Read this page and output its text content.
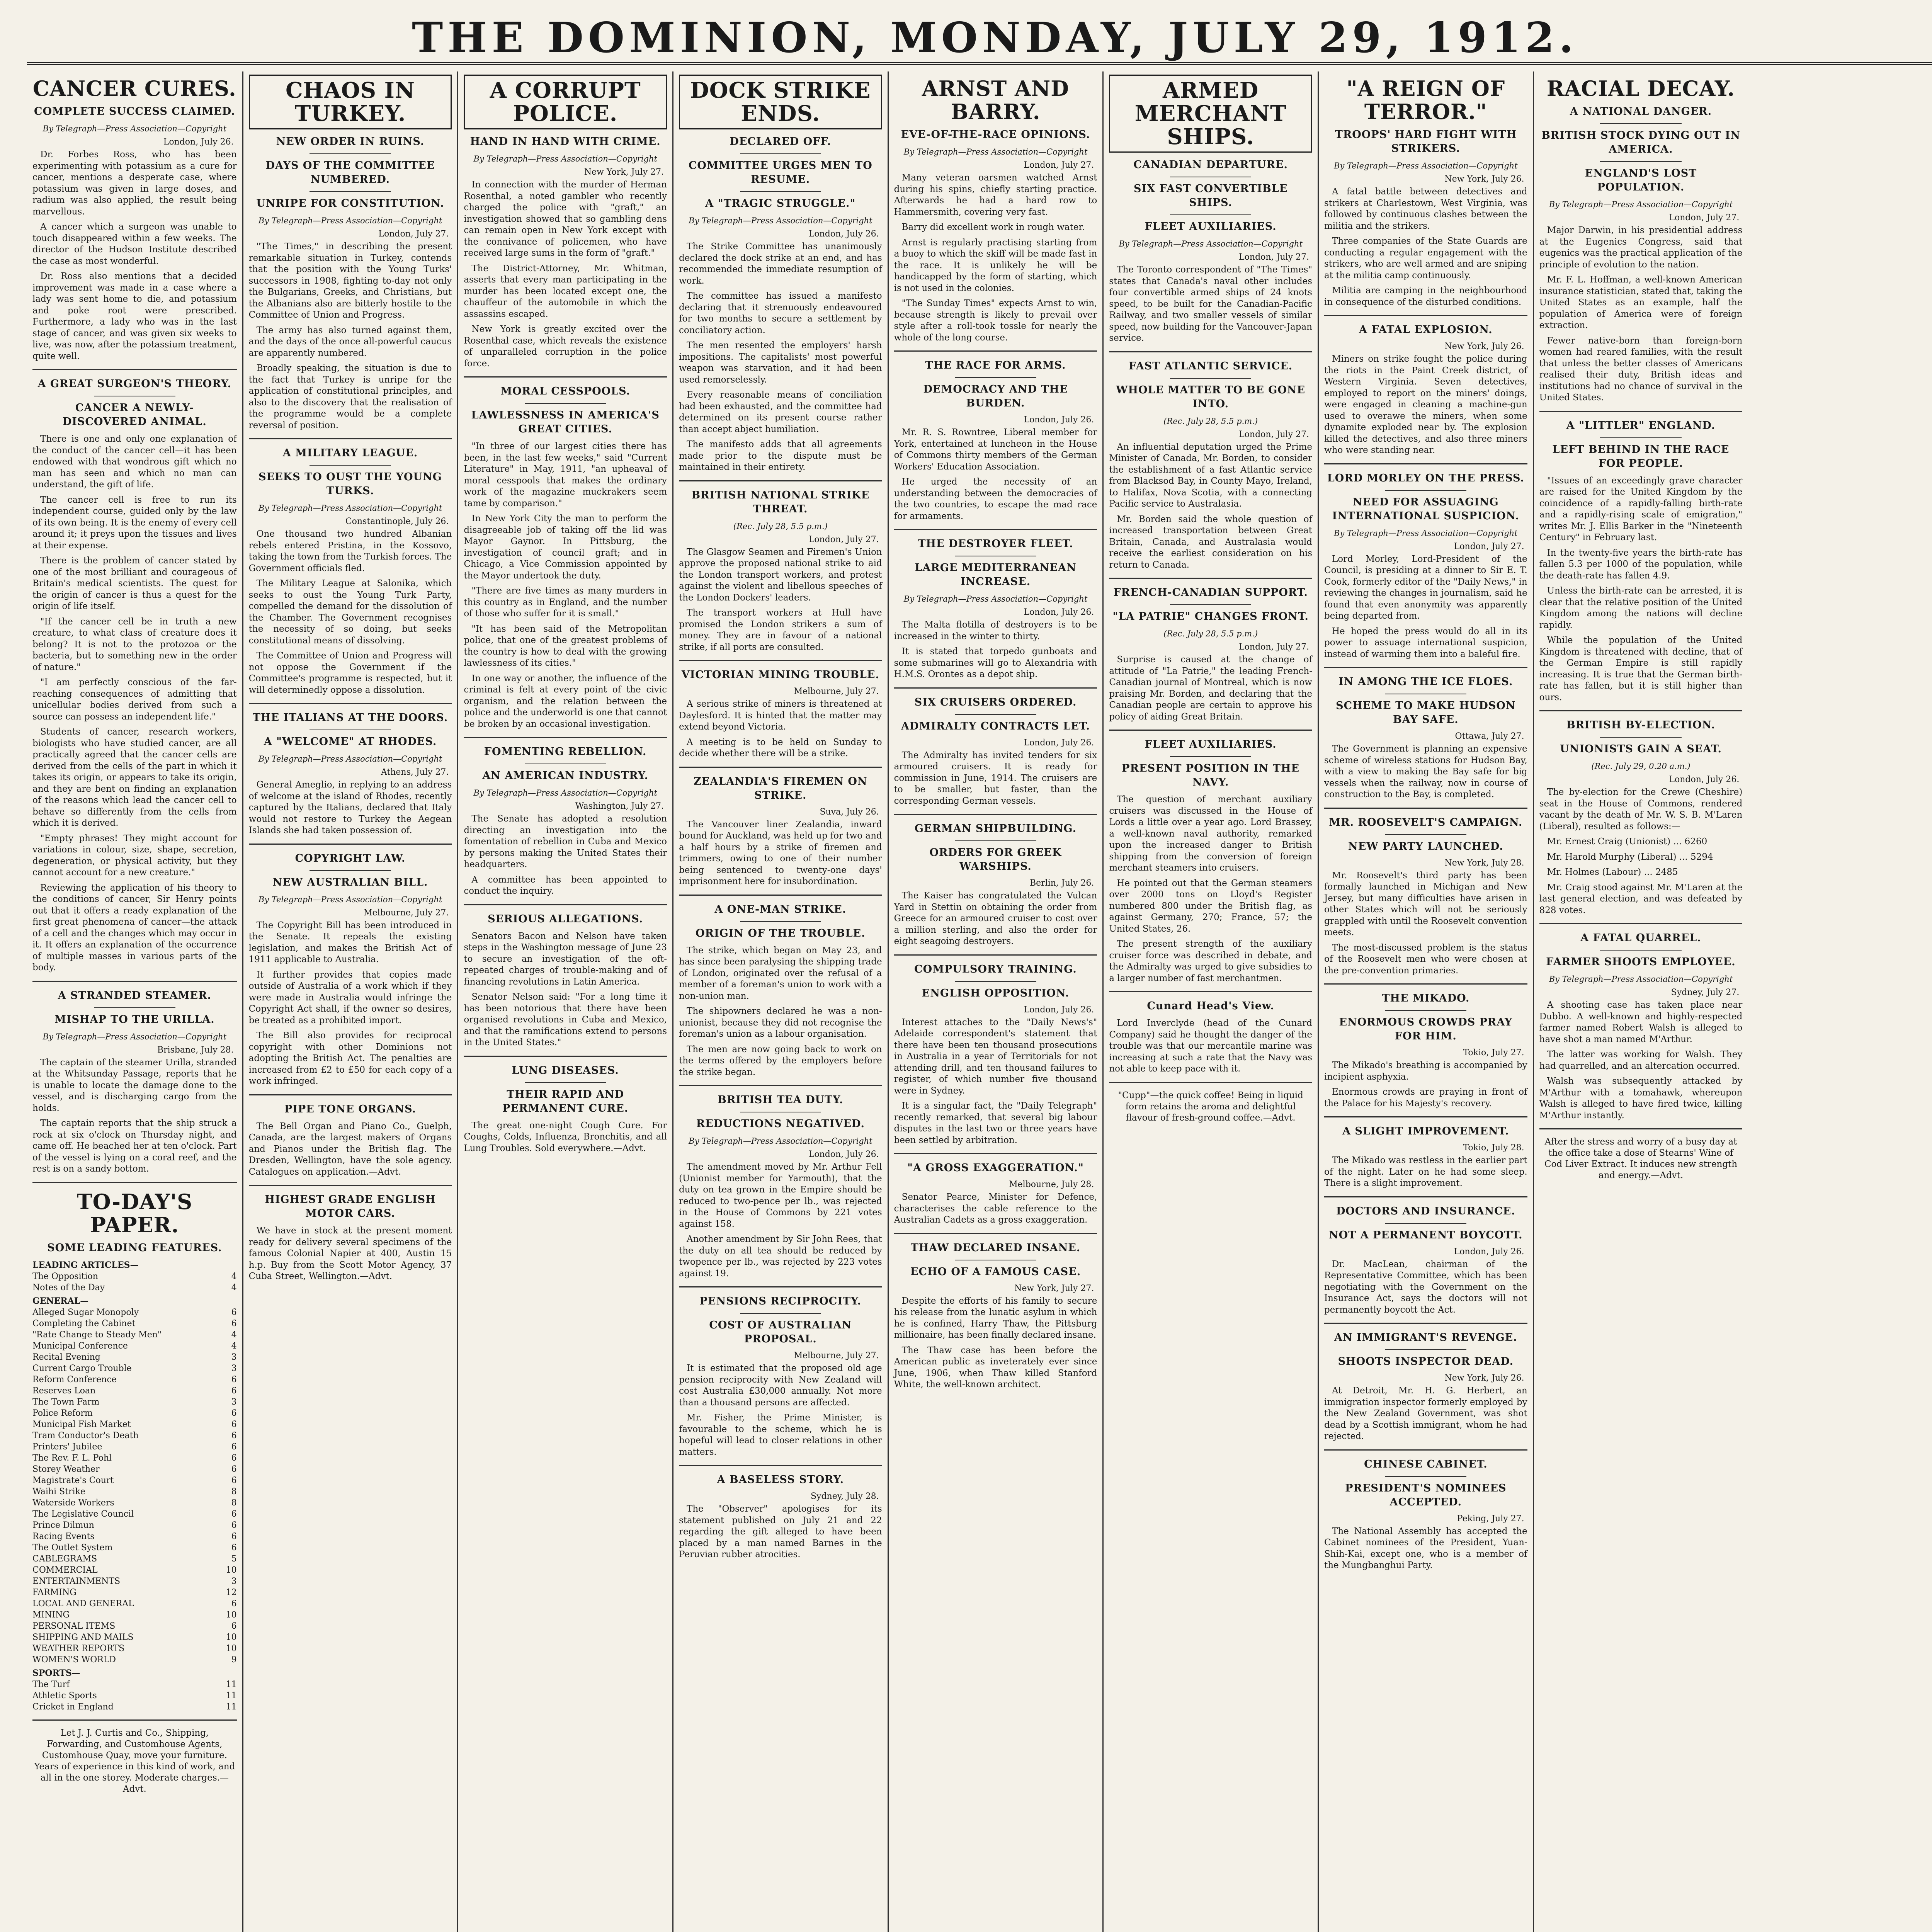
THE DOMINION, MONDAY, JULY 29, 1912.
CANCER CURES.
COMPLETE SUCCESS CLAIMED.
By Telegraph—Press Association—Copyright
London, July 26.

Dr. Forbes Ross, who has been experimenting with potassium as a cure for cancer, mentions a desperate case, where potassium was given in large doses, and radium was also applied, the result being marvellous.

A cancer which a surgeon was unable to touch disappeared within a few weeks. The director of the Hudson Institute described the case as most wonderful.

Dr. Ross also mentions that a decided improvement was made in a case where a lady was sent home to die, and potassium and poke root were prescribed. Furthermore, a lady who was in the last stage of cancer, and was given six weeks to live, was now, after the potassium treatment, quite well.

A GREAT SURGEON'S THEORY.
CANCER A NEWLY-DISCOVERED ANIMAL.

There is one and only one explanation of the conduct of the cancer cell—it has been endowed with that wondrous gift which no man has seen and which no man can understand, the gift of life.

The cancer cell is free to run its independent course, guided only by the law of its own being. It is the enemy of every cell around it; it preys upon the tissues and lives at their expense.

There is the problem of cancer stated by one of the most brilliant and courageous of Britain's medical scientists. The quest for the origin of cancer is thus a quest for the origin of life itself.

"If the cancer cell be in truth a new creature, to what class of creature does it belong? It is not to the protozoa or the bacteria, but to something new in the order of nature."

"I am perfectly conscious of the far-reaching consequences of admitting that unicellular bodies derived from such a source can possess an independent life."

Students of cancer, research workers, biologists who have studied cancer, are all practically agreed that the cancer cells are derived from the cells of the part in which it takes its origin, or appears to take its origin, and they are bent on finding an explanation of the reasons which lead the cancer cell to behave so differently from the cells from which it is derived.

"Empty phrases! They might account for variations in colour, size, shape, secretion, degeneration, or physical activity, but they cannot account for a new creature."

Reviewing the application of his theory to the conditions of cancer, Sir Henry points out that it offers a ready explanation of the first great phenomena of cancer—the attack of a cell and the changes which may occur in it. It offers an explanation of the occurrence of multiple masses in various parts of the body.

A STRANDED STEAMER.
MISHAP TO THE URILLA.
By Telegraph—Press Association—Copyright
Brisbane, July 28.

The captain of the steamer Urilla, stranded at the Whitsunday Passage, reports that he is unable to locate the damage done to the vessel, and is discharging cargo from the holds.

The captain reports that the ship struck a rock at six o'clock on Thursday night, and came off. He beached her at ten o'clock. Part of the vessel is lying on a coral reef, and the rest is on a sandy bottom.

TO-DAY'S PAPER.
SOME LEADING FEATURES.
LEADING ARTICLES—
The Opposition	4
Notes of the Day	4
GENERAL—
Alleged Sugar Monopoly	6
Completing the Cabinet	6
"Rate Change to Steady Men"	4
Municipal Conference	4
Recital Evening	3
Current Cargo Trouble	3
Reform Conference	6
Reserves Loan	6
The Town Farm	3
Police Reform	6
Municipal Fish Market	6
Tram Conductor's Death	6
Printers' Jubilee	6
The Rev. F. L. Pohl	6
Storey Weather	6
Magistrate's Court	6
Waihi Strike	8
Waterside Workers	8
The Legislative Council	6
Prince Dilmun	6
Racing Events	6
The Outlet System	6
CABLEGRAMS	5
COMMERCIAL	10
ENTERTAINMENTS	3
FARMING	12
LOCAL AND GENERAL	6
MINING	10
PERSONAL ITEMS	6
SHIPPING AND MAILS	10
WEATHER REPORTS	10
WOMEN'S WORLD	9
SPORTS—
The Turf	11
Athletic Sports	11
Cricket in England	11

Let J. J. Curtis and Co., Shipping, Forwarding, and Customhouse Agents, Customhouse Quay, move your furniture. Years of experience in this kind of work, and all in the one storey. Moderate charges.—Advt.

CHAOS IN TURKEY.
NEW ORDER IN RUINS.
DAYS OF THE COMMITTEE NUMBERED.
UNRIPE FOR CONSTITUTION.
By Telegraph—Press Association—Copyright
London, July 27.

"The Times," in describing the present remarkable situation in Turkey, contends that the position with the Young Turks' successors in 1908, fighting to-day not only the Bulgarians, Greeks, and Christians, but the Albanians also are bitterly hostile to the Committee of Union and Progress.

The army has also turned against them, and the days of the once all-powerful caucus are apparently numbered.

Broadly speaking, the situation is due to the fact that Turkey is unripe for the application of constitutional principles, and also to the discovery that the realisation of the programme would be a complete reversal of position.

A MILITARY LEAGUE.
SEEKS TO OUST THE YOUNG TURKS.
By Telegraph—Press Association—Copyright
Constantinople, July 26.

One thousand two hundred Albanian rebels entered Pristina, in the Kossovo, taking the town from the Turkish forces. The Government officials fled.

The Military League at Salonika, which seeks to oust the Young Turk Party, compelled the demand for the dissolution of the Chamber. The Government recognises the necessity of so doing, but seeks constitutional means of dissolving.

The Committee of Union and Progress will not oppose the Government if the Committee's programme is respected, but it will determinedly oppose a dissolution.

THE ITALIANS AT THE DOORS.
A "WELCOME" AT RHODES.
By Telegraph—Press Association—Copyright
Athens, July 27.

General Ameglio, in replying to an address of welcome at the island of Rhodes, recently captured by the Italians, declared that Italy would not restore to Turkey the Aegean Islands she had taken possession of.

COPYRIGHT LAW.
NEW AUSTRALIAN BILL.
By Telegraph—Press Association—Copyright
Melbourne, July 27.

The Copyright Bill has been introduced in the Senate. It repeals the existing legislation, and makes the British Act of 1911 applicable to Australia.

It further provides that copies made outside of Australia of a work which if they were made in Australia would infringe the Copyright Act shall, if the owner so desires, be treated as a prohibited import.

The Bill also provides for reciprocal copyright with other Dominions not adopting the British Act. The penalties are increased from £2 to £50 for each copy of a work infringed.

PIPE TONE ORGANS.

The Bell Organ and Piano Co., Guelph, Canada, are the largest makers of Organs and Pianos under the British flag. The Dresden, Wellington, have the sole agency. Catalogues on application.—Advt.

HIGHEST GRADE ENGLISH MOTOR CARS.

We have in stock at the present moment ready for delivery several specimens of the famous Colonial Napier at 400, Austin 15 h.p. Buy from the Scott Motor Agency, 37 Cuba Street, Wellington.—Advt.

A CORRUPT POLICE.
HAND IN HAND WITH CRIME.
By Telegraph—Press Association—Copyright
New York, July 27.

In connection with the murder of Herman Rosenthal, a noted gambler who recently charged the police with "graft," an investigation showed that so gambling dens can remain open in New York except with the connivance of policemen, who have received large sums in the form of "graft."

The District-Attorney, Mr. Whitman, asserts that every man participating in the murder has been located except one, the chauffeur of the automobile in which the assassins escaped.

New York is greatly excited over the Rosenthal case, which reveals the existence of unparalleled corruption in the police force.

MORAL CESSPOOLS.
LAWLESSNESS IN AMERICA'S GREAT CITIES.

"In three of our largest cities there has been, in the last few weeks," said "Current Literature" in May, 1911, "an upheaval of moral cesspools that makes the ordinary work of the magazine muckrakers seem tame by comparison."

In New York City the man to perform the disagreeable job of taking off the lid was Mayor Gaynor. In Pittsburg, the investigation of council graft; and in Chicago, a Vice Commission appointed by the Mayor undertook the duty.

"There are five times as many murders in this country as in England, and the number of those who suffer for it is small."

"It has been said of the Metropolitan police, that one of the greatest problems of the country is how to deal with the growing lawlessness of its cities."

In one way or another, the influence of the criminal is felt at every point of the civic organism, and the relation between the police and the underworld is one that cannot be broken by an occasional investigation.

FOMENTING REBELLION.
AN AMERICAN INDUSTRY.
By Telegraph—Press Association—Copyright
Washington, July 27.

The Senate has adopted a resolution directing an investigation into the fomentation of rebellion in Cuba and Mexico by persons making the United States their headquarters.

A committee has been appointed to conduct the inquiry.

SERIOUS ALLEGATIONS.

Senators Bacon and Nelson have taken steps in the Washington message of June 23 to secure an investigation of the oft-repeated charges of trouble-making and of financing revolutions in Latin America.

Senator Nelson said: "For a long time it has been notorious that there have been organised revolutions in Cuba and Mexico, and that the ramifications extend to persons in the United States."

LUNG DISEASES.
THEIR RAPID AND PERMANENT CURE.

The great one-night Cough Cure. For Coughs, Colds, Influenza, Bronchitis, and all Lung Troubles. Sold everywhere.—Advt.

DOCK STRIKE ENDS.
DECLARED OFF.
COMMITTEE URGES MEN TO RESUME.
A "TRAGIC STRUGGLE."
By Telegraph—Press Association—Copyright
London, July 26.

The Strike Committee has unanimously declared the dock strike at an end, and has recommended the immediate resumption of work.

The committee has issued a manifesto declaring that it strenuously endeavoured for two months to secure a settlement by conciliatory action.

The men resented the employers' harsh impositions. The capitalists' most powerful weapon was starvation, and it had been used remorselessly.

Every reasonable means of conciliation had been exhausted, and the committee had determined on its present course rather than accept abject humiliation.

The manifesto adds that all agreements made prior to the dispute must be maintained in their entirety.

BRITISH NATIONAL STRIKE THREAT.
(Rec. July 28, 5.5 p.m.)
London, July 27.

The Glasgow Seamen and Firemen's Union approve the proposed national strike to aid the London transport workers, and protest against the violent and libellous speeches of the London Dockers' leaders.

The transport workers at Hull have promised the London strikers a sum of money. They are in favour of a national strike, if all ports are consulted.

VICTORIAN MINING TROUBLE.
Melbourne, July 27.

A serious strike of miners is threatened at Daylesford. It is hinted that the matter may extend beyond Victoria.

A meeting is to be held on Sunday to decide whether there will be a strike.

ZEALANDIA'S FIREMEN ON STRIKE.
Suva, July 26.

The Vancouver liner Zealandia, inward bound for Auckland, was held up for two and a half hours by a strike of firemen and trimmers, owing to one of their number being sentenced to twenty-one days' imprisonment here for insubordination.

A ONE-MAN STRIKE.
ORIGIN OF THE TROUBLE.

The strike, which began on May 23, and has since been paralysing the shipping trade of London, originated over the refusal of a member of a foreman's union to work with a non-union man.

The shipowners declared he was a non-unionist, because they did not recognise the foreman's union as a labour organisation.

The men are now going back to work on the terms offered by the employers before the strike began.

BRITISH TEA DUTY.
REDUCTIONS NEGATIVED.
By Telegraph—Press Association—Copyright
London, July 26.

The amendment moved by Mr. Arthur Fell (Unionist member for Yarmouth), that the duty on tea grown in the Empire should be reduced to two-pence per lb., was rejected in the House of Commons by 221 votes against 158.

Another amendment by Sir John Rees, that the duty on all tea should be reduced by twopence per lb., was rejected by 223 votes against 19.

PENSIONS RECIPROCITY.
COST OF AUSTRALIAN PROPOSAL.
Melbourne, July 27.

It is estimated that the proposed old age pension reciprocity with New Zealand will cost Australia £30,000 annually. Not more than a thousand persons are affected.

Mr. Fisher, the Prime Minister, is favourable to the scheme, which he is hopeful will lead to closer relations in other matters.

A BASELESS STORY.
Sydney, July 28.

The "Observer" apologises for its statement published on July 21 and 22 regarding the gift alleged to have been placed by a man named Barnes in the Peruvian rubber atrocities.

ARNST AND BARRY.
EVE-OF-THE-RACE OPINIONS.
By Telegraph—Press Association—Copyright
London, July 27.

Many veteran oarsmen watched Arnst during his spins, chiefly starting practice. Afterwards he had a hard row to Hammersmith, covering very fast.

Barry did excellent work in rough water.

Arnst is regularly practising starting from a buoy to which the skiff will be made fast in the race. It is unlikely he will be handicapped by the form of starting, which is not used in the colonies.

"The Sunday Times" expects Arnst to win, because strength is likely to prevail over style after a roll-took tossle for nearly the whole of the long course.

THE RACE FOR ARMS.
DEMOCRACY AND THE BURDEN.
London, July 26.

Mr. R. S. Rowntree, Liberal member for York, entertained at luncheon in the House of Commons thirty members of the German Workers' Education Association.

He urged the necessity of an understanding between the democracies of the two countries, to escape the mad race for armaments.

THE DESTROYER FLEET.
LARGE MEDITERRANEAN INCREASE.
By Telegraph—Press Association—Copyright
London, July 26.

The Malta flotilla of destroyers is to be increased in the winter to thirty.

It is stated that torpedo gunboats and some submarines will go to Alexandria with H.M.S. Orontes as a depot ship.

SIX CRUISERS ORDERED.
ADMIRALTY CONTRACTS LET.
London, July 26.

The Admiralty has invited tenders for six armoured cruisers. It is ready for commission in June, 1914. The cruisers are to be smaller, but faster, than the corresponding German vessels.

GERMAN SHIPBUILDING.
ORDERS FOR GREEK WARSHIPS.
Berlin, July 26.

The Kaiser has congratulated the Vulcan Yard in Stettin on obtaining the order from Greece for an armoured cruiser to cost over a million sterling, and also the order for eight seagoing destroyers.

COMPULSORY TRAINING.
ENGLISH OPPOSITION.
London, July 26.

Interest attaches to the "Daily News's" Adelaide correspondent's statement that there have been ten thousand prosecutions in Australia in a year of Territorials for not attending drill, and ten thousand failures to register, of which number five thousand were in Sydney.

It is a singular fact, the "Daily Telegraph" recently remarked, that several big labour disputes in the last two or three years have been settled by arbitration.

"A GROSS EXAGGERATION."
Melbourne, July 28.

Senator Pearce, Minister for Defence, characterises the cable reference to the Australian Cadets as a gross exaggeration.

THAW DECLARED INSANE.
ECHO OF A FAMOUS CASE.
New York, July 27.

Despite the efforts of his family to secure his release from the lunatic asylum in which he is confined, Harry Thaw, the Pittsburg millionaire, has been finally declared insane.

The Thaw case has been before the American public as inveterately ever since June, 1906, when Thaw killed Stanford White, the well-known architect.

ARMED MERCHANT SHIPS.
CANADIAN DEPARTURE.
SIX FAST CONVERTIBLE SHIPS.
FLEET AUXILIARIES.
By Telegraph—Press Association—Copyright
London, July 27.

The Toronto correspondent of "The Times" states that Canada's naval other includes four convertible armed ships of 24 knots speed, to be built for the Canadian-Pacific Railway, and two smaller vessels of similar speed, now building for the Vancouver-Japan service.

FAST ATLANTIC SERVICE.
WHOLE MATTER TO BE GONE INTO.
(Rec. July 28, 5.5 p.m.)
London, July 27.

An influential deputation urged the Prime Minister of Canada, Mr. Borden, to consider the establishment of a fast Atlantic service from Blacksod Bay, in County Mayo, Ireland, to Halifax, Nova Scotia, with a connecting Pacific service to Australasia.

Mr. Borden said the whole question of increased transportation between Great Britain, Canada, and Australasia would receive the earliest consideration on his return to Canada.

FRENCH-CANADIAN SUPPORT.
"LA PATRIE" CHANGES FRONT.
(Rec. July 28, 5.5 p.m.)
London, July 27.

Surprise is caused at the change of attitude of "La Patrie," the leading French-Canadian journal of Montreal, which is now praising Mr. Borden, and declaring that the Canadian people are certain to approve his policy of aiding Great Britain.

FLEET AUXILIARIES.
PRESENT POSITION IN THE NAVY.

The question of merchant auxiliary cruisers was discussed in the House of Lords a little over a year ago. Lord Brassey, a well-known naval authority, remarked upon the increased danger to British shipping from the conversion of foreign merchant steamers into cruisers.

He pointed out that the German steamers over 2000 tons on Lloyd's Register numbered 800 under the British flag, as against Germany, 270; France, 57; the United States, 26.

The present strength of the auxiliary cruiser force was described in debate, and the Admiralty was urged to give subsidies to a larger number of fast merchantmen.

Cunard Head's View.

Lord Inverclyde (head of the Cunard Company) said he thought the danger of the trouble was that our mercantile marine was increasing at such a rate that the Navy was not able to keep pace with it.

"Cupp"—the quick coffee! Being in liquid form retains the aroma and delightful flavour of fresh-ground coffee.—Advt.

"A REIGN OF TERROR."
TROOPS' HARD FIGHT WITH STRIKERS.
By Telegraph—Press Association—Copyright
New York, July 26.

A fatal battle between detectives and strikers at Charlestown, West Virginia, was followed by continuous clashes between the militia and the strikers.

Three companies of the State Guards are conducting a regular engagement with the strikers, who are well armed and are sniping at the militia camp continuously.

Militia are camping in the neighbourhood in consequence of the disturbed conditions.

A FATAL EXPLOSION.
New York, July 26.

Miners on strike fought the police during the riots in the Paint Creek district, of Western Virginia. Seven detectives, employed to report on the miners' doings, were engaged in cleaning a machine-gun used to overawe the miners, when some dynamite exploded near by. The explosion killed the detectives, and also three miners who were standing near.

LORD MORLEY ON THE PRESS.
NEED FOR ASSUAGING INTERNATIONAL SUSPICION.
By Telegraph—Press Association—Copyright
London, July 27.

Lord Morley, Lord-President of the Council, is presiding at a dinner to Sir E. T. Cook, formerly editor of the "Daily News," in reviewing the changes in journalism, said he found that even anonymity was apparently being departed from.

He hoped the press would do all in its power to assuage international suspicion, instead of warming them into a baleful fire.

IN AMONG THE ICE FLOES.
SCHEME TO MAKE HUDSON BAY SAFE.
Ottawa, July 27.

The Government is planning an expensive scheme of wireless stations for Hudson Bay, with a view to making the Bay safe for big vessels when the railway, now in course of construction to the Bay, is completed.

MR. ROOSEVELT'S CAMPAIGN.
NEW PARTY LAUNCHED.
New York, July 28.

Mr. Roosevelt's third party has been formally launched in Michigan and New Jersey, but many difficulties have arisen in other States which will not be seriously grappled with until the Roosevelt convention meets.

The most-discussed problem is the status of the Roosevelt men who were chosen at the pre-convention primaries.

THE MIKADO.
ENORMOUS CROWDS PRAY FOR HIM.
Tokio, July 27.

The Mikado's breathing is accompanied by incipient asphyxia.

Enormous crowds are praying in front of the Palace for his Majesty's recovery.

A SLIGHT IMPROVEMENT.
Tokio, July 28.

The Mikado was restless in the earlier part of the night. Later on he had some sleep. There is a slight improvement.

DOCTORS AND INSURANCE.
NOT A PERMANENT BOYCOTT.
London, July 26.

Dr. MacLean, chairman of the Representative Committee, which has been negotiating with the Government on the Insurance Act, says the doctors will not permanently boycott the Act.

AN IMMIGRANT'S REVENGE.
SHOOTS INSPECTOR DEAD.
New York, July 26.

At Detroit, Mr. H. G. Herbert, an immigration inspector formerly employed by the New Zealand Government, was shot dead by a Scottish immigrant, whom he had rejected.

CHINESE CABINET.
PRESIDENT'S NOMINEES ACCEPTED.
Peking, July 27.

The National Assembly has accepted the Cabinet nominees of the President, Yuan-Shih-Kai, except one, who is a member of the Mungbanghui Party.

RACIAL DECAY.
A NATIONAL DANGER.
BRITISH STOCK DYING OUT IN AMERICA.
ENGLAND'S LOST POPULATION.
By Telegraph—Press Association—Copyright
London, July 27.

Major Darwin, in his presidential address at the Eugenics Congress, said that eugenics was the practical application of the principle of evolution to the nation.

Mr. F. L. Hoffman, a well-known American insurance statistician, stated that, taking the United States as an example, half the population of America were of foreign extraction.

Fewer native-born than foreign-born women had reared families, with the result that unless the better classes of Americans realised their duty, British ideas and institutions had no chance of survival in the United States.

A "LITTLER" ENGLAND.
LEFT BEHIND IN THE RACE FOR PEOPLE.

"Issues of an exceedingly grave character are raised for the United Kingdom by the coincidence of a rapidly-falling birth-rate and a rapidly-rising scale of emigration," writes Mr. J. Ellis Barker in the "Nineteenth Century" in February last.

In the twenty-five years the birth-rate has fallen 5.3 per 1000 of the population, while the death-rate has fallen 4.9.

Unless the birth-rate can be arrested, it is clear that the relative position of the United Kingdom among the nations will decline rapidly.

While the population of the United Kingdom is threatened with decline, that of the German Empire is still rapidly increasing. It is true that the German birth-rate has fallen, but it is still higher than ours.

BRITISH BY-ELECTION.
UNIONISTS GAIN A SEAT.
(Rec. July 29, 0.20 a.m.)
London, July 26.

The by-election for the Crewe (Cheshire) seat in the House of Commons, rendered vacant by the death of Mr. W. S. B. M'Laren (Liberal), resulted as follows:—

Mr. Ernest Craig (Unionist) ... 6260

Mr. Harold Murphy (Liberal) ... 5294

Mr. Holmes (Labour) ... 2485

Mr. Craig stood against Mr. M'Laren at the last general election, and was defeated by 828 votes.

A FATAL QUARREL.
FARMER SHOOTS EMPLOYEE.
By Telegraph—Press Association—Copyright
Sydney, July 27.

A shooting case has taken place near Dubbo. A well-known and highly-respected farmer named Robert Walsh is alleged to have shot a man named M'Arthur.

The latter was working for Walsh. They had quarrelled, and an altercation occurred.

Walsh was subsequently attacked by M'Arthur with a tomahawk, whereupon Walsh is alleged to have fired twice, killing M'Arthur instantly.

After the stress and worry of a busy day at the office take a dose of Stearns' Wine of Cod Liver Extract. It induces new strength and energy.—Advt.
